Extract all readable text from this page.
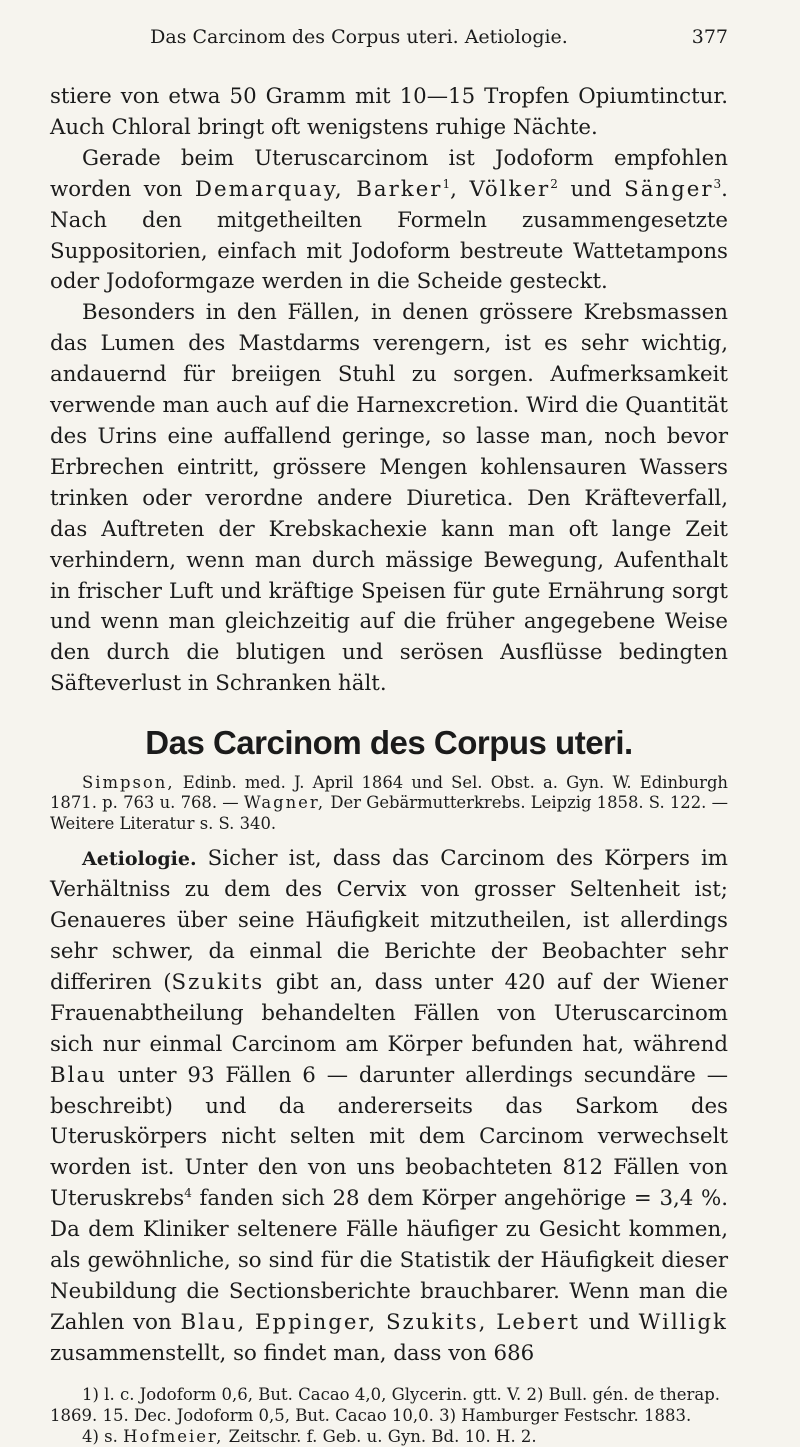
Das Carcinom des Corpus uteri. Aetiologie.	377

stiere von etwa 50 Gramm mit 10—15 Tropfen Opiumtinctur. Auch Chloral bringt oft wenigstens ruhige Nächte.

Gerade beim Uteruscarcinom ist Jodoform empfohlen worden von Demarquay, Barker$^1$, Völker$^2$ und Sänger$^3$. Nach den mitgetheilten Formeln zusammengesetzte Suppositorien, einfach mit Jodoform bestreute Wattetampons oder Jodoformgaze werden in die Scheide gesteckt.

Besonders in den Fällen, in denen grössere Krebsmassen das Lumen des Mastdarms verengern, ist es sehr wichtig, andauernd für breiigen Stuhl zu sorgen. Aufmerksamkeit verwende man auch auf die Harnexcretion. Wird die Quantität des Urins eine auffallend geringe, so lasse man, noch bevor Erbrechen eintritt, grössere Mengen kohlensauren Wassers trinken oder verordne andere Diuretica. Den Kräfteverfall, das Auftreten der Krebskachexie kann man oft lange Zeit verhindern, wenn man durch mässige Bewegung, Aufenthalt in frischer Luft und kräftige Speisen für gute Ernährung sorgt und wenn man gleichzeitig auf die früher angegebene Weise den durch die blutigen und serösen Ausflüsse bedingten Säfteverlust in Schranken hält.

Das Carcinom des Corpus uteri.

Simpson, Edinb. med. J. April 1864 und Sel. Obst. a. Gyn. W. Edinburgh 1871. p. 763 u. 768. — Wagner, Der Gebärmutterkrebs. Leipzig 1858. S. 122. — Weitere Literatur s. S. 340.

Aetiologie. Sicher ist, dass das Carcinom des Körpers im Verhältniss zu dem des Cervix von grosser Seltenheit ist; Genaueres über seine Häufigkeit mitzutheilen, ist allerdings sehr schwer, da einmal die Berichte der Beobachter sehr differiren (Szukits gibt an, dass unter 420 auf der Wiener Frauenabtheilung behandelten Fällen von Uteruscarcinom sich nur einmal Carcinom am Körper befunden hat, während Blau unter 93 Fällen 6 — darunter allerdings secundäre — beschreibt) und da andererseits das Sarkom des Uteruskörpers nicht selten mit dem Carcinom verwechselt worden ist. Unter den von uns beobachteten 812 Fällen von Uteruskrebs$^4$ fanden sich 28 dem Körper angehörige = 3,4 %. Da dem Kliniker seltenere Fälle häufiger zu Gesicht kommen, als gewöhnliche, so sind für die Statistik der Häufigkeit dieser Neubildung die Sectionsberichte brauchbarer. Wenn man die Zahlen von Blau, Eppinger, Szukits, Lebert und Willigk zusammenstellt, so findet man, dass von 686

1) l. c. Jodoform 0,6, But. Cacao 4,0, Glycerin. gtt. V. 2) Bull. gén. de therap. 1869. 15. Dec. Jodoform 0,5, But. Cacao 10,0. 3) Hamburger Festschr. 1883.

4) s. Hofmeier, Zeitschr. f. Geb. u. Gyn. Bd. 10. H. 2.
